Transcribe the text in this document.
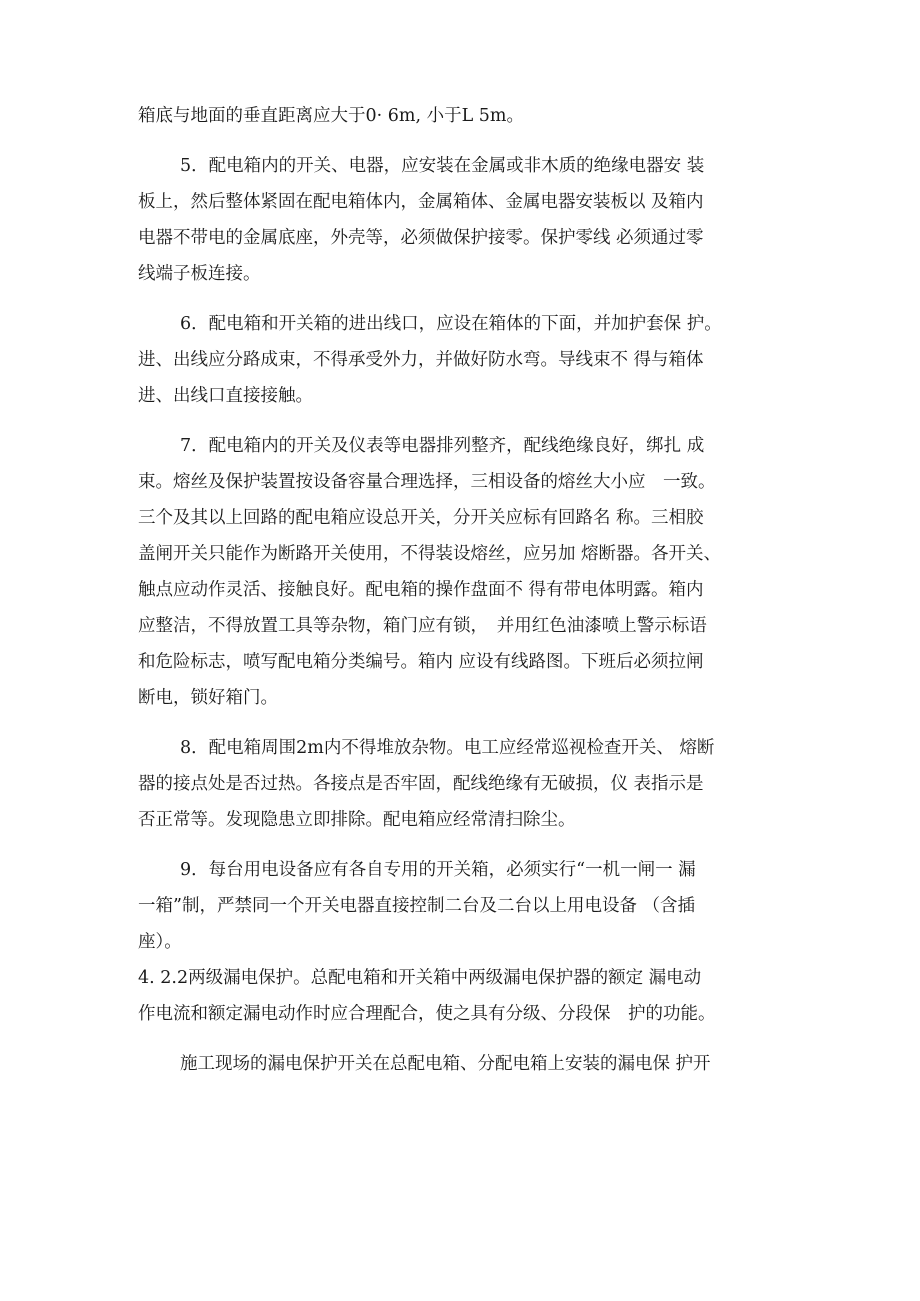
箱底与地面的垂直距离应大于0· 6m, 小于L 5m。
5．配电箱内的开关、电器，应安装在金属或非木质的绝缘电器安 装
板上，然后整体紧固在配电箱体内，金属箱体、金属电器安装板以 及箱内
电器不带电的金属底座，外壳等，必须做保护接零。保护零线 必须通过零
线端子板连接。
6．配电箱和开关箱的进出线口，应设在箱体的下面，并加护套保 护。
进、出线应分路成束，不得承受外力，并做好防水弯。导线束不 得与箱体
进、出线口直接接触。
7．配电箱内的开关及仪表等电器排列整齐，配线绝缘良好，绑扎 成
束。熔丝及保护装置按设备容量合理选择，三相设备的熔丝大小应　一致。
三个及其以上回路的配电箱应设总开关，分开关应标有回路名 称。三相胶
盖闸开关只能作为断路开关使用，不得装设熔丝，应另加 熔断器。各开关、
触点应动作灵活、接触良好。配电箱的操作盘面不 得有带电体明露。箱内
应整洁，不得放置工具等杂物，箱门应有锁，　并用红色油漆喷上警示标语
和危险标志，喷写配电箱分类编号。箱内 应设有线路图。下班后必须拉闸
断电，锁好箱门。
8．配电箱周围2m内不得堆放杂物。电工应经常巡视检查开关、 熔断
器的接点处是否过热。各接点是否牢固，配线绝缘有无破损，仪 表指示是
否正常等。发现隐患立即排除。配电箱应经常清扫除尘。
9．每台用电设备应有各自专用的开关箱，必须实行“一机一闸一 漏
一箱”制，严禁同一个开关电器直接控制二台及二台以上用电设备 （含插
座）。
4. 2.2两级漏电保护。总配电箱和开关箱中两级漏电保护器的额定 漏电动
作电流和额定漏电动作时应合理配合，使之具有分级、分段保　护的功能。
施工现场的漏电保护开关在总配电箱、分配电箱上安装的漏电保 护开
